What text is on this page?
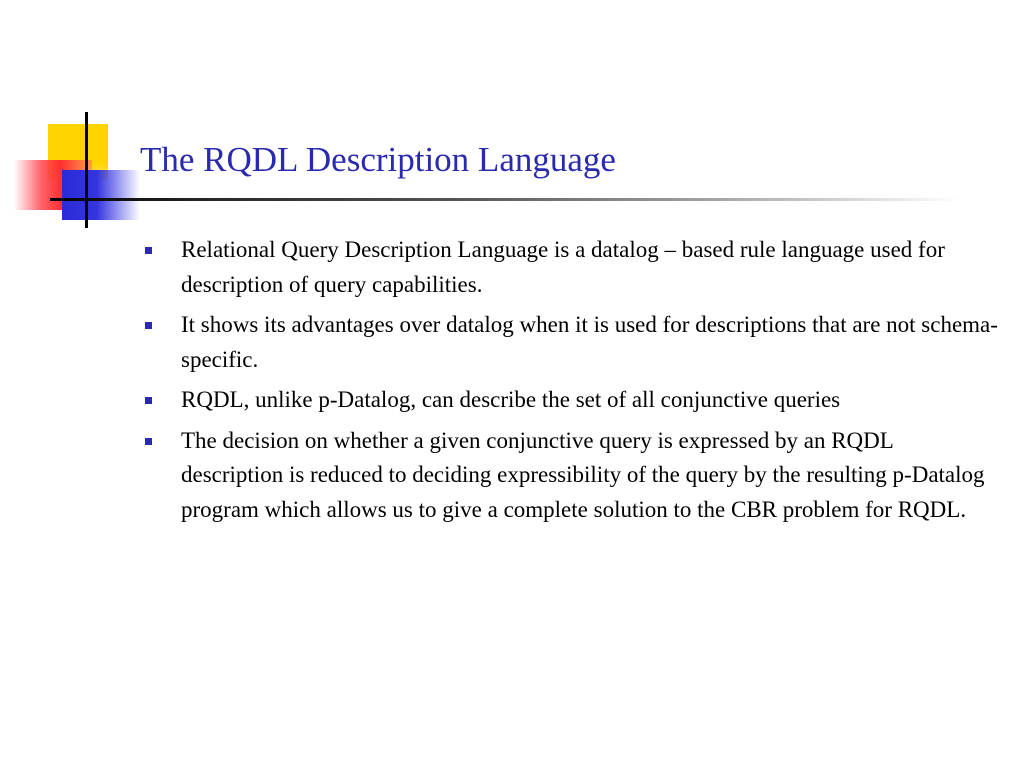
The RQDL Description Language
Relational Query Description Language is a datalog – based rule language used for description of query capabilities.
It shows its advantages over datalog when it is used for descriptions that are not schema- specific.
RQDL, unlike p-Datalog, can describe the set of all conjunctive queries
The decision on whether a given conjunctive query is expressed by an RQDL description is reduced to deciding expressibility of the query by the resulting p-Datalog program which allows us to give a complete solution to the CBR problem for RQDL.
